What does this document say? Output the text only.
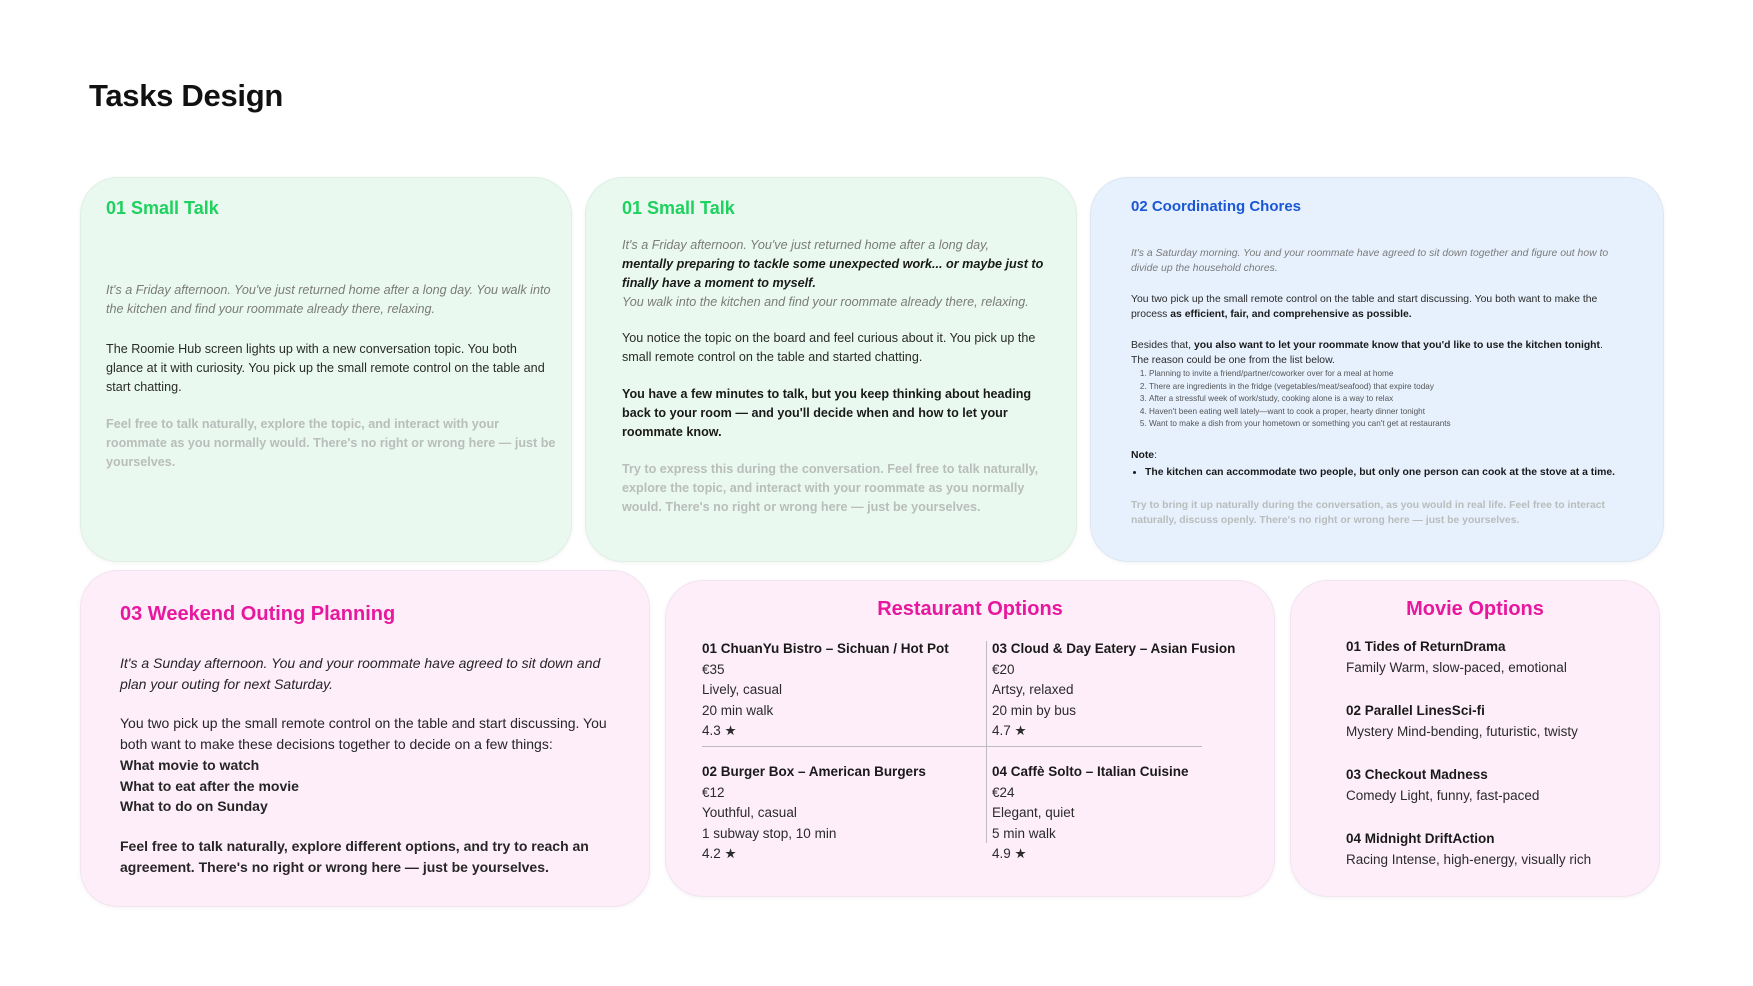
Tasks Design
01 Small Talk

It's a Friday afternoon. You've just returned home after a long day. You walk into the kitchen and find your roommate already there, relaxing.

The Roomie Hub screen lights up with a new conversation topic. You both glance at it with curiosity. You pick up the small remote control on the table and start chatting.

Feel free to talk naturally, explore the topic, and interact with your roommate as you normally would. There's no right or wrong here — just be yourselves.

01 Small Talk

It's a Friday afternoon. You've just returned home after a long day,

mentally preparing to tackle some unexpected work... or maybe just to finally have a moment to myself.

You walk into the kitchen and find your roommate already there, relaxing.

You notice the topic on the board and feel curious about it. You pick up the small remote control on the table and started chatting.

You have a few minutes to talk, but you keep thinking about heading back to your room — and you'll decide when and how to let your roommate know.

Try to express this during the conversation. Feel free to talk naturally, explore the topic, and interact with your roommate as you normally would. There's no right or wrong here — just be yourselves.

02 Coordinating Chores

It's a Saturday morning. You and your roommate have agreed to sit down together and figure out how to divide up the household chores.

You two pick up the small remote control on the table and start discussing. You both want to make the process as efficient, fair, and comprehensive as possible.

Besides that, you also want to let your roommate know that you'd like to use the kitchen tonight.

The reason could be one from the list below.

1. Planning to invite a friend/partner/coworker over for a meal at home
2. There are ingredients in the fridge (vegetables/meat/seafood) that expire today
3. After a stressful week of work/study, cooking alone is a way to relax
4. Haven't been eating well lately—want to cook a proper, hearty dinner tonight
5. Want to make a dish from your hometown or something you can't get at restaurants

Note:

• The kitchen can accommodate two people, but only one person can cook at the stove at a time.

Try to bring it up naturally during the conversation, as you would in real life. Feel free to interact naturally, discuss openly. There's no right or wrong here — just be yourselves.

03 Weekend Outing Planning

It's a Sunday afternoon. You and your roommate have agreed to sit down and plan your outing for next Saturday.

You two pick up the small remote control on the table and start discussing. You both want to make these decisions together to decide on a few things:

What movie to watch

What to eat after the movie

What to do on Sunday

Feel free to talk naturally, explore different options, and try to reach an agreement. There's no right or wrong here — just be yourselves.

Restaurant Options

01 ChuanYu Bistro – Sichuan / Hot Pot

€35

Lively, casual

20 min walk

4.3 ★

03 Cloud & Day Eatery – Asian Fusion

€20

Artsy, relaxed

20 min by bus

4.7 ★

02 Burger Box – American Burgers

€12

Youthful, casual

1 subway stop, 10 min

4.2 ★

04 Caffè Solto – Italian Cuisine

€24

Elegant, quiet

5 min walk

4.9 ★

Movie Options

01 Tides of ReturnDrama

Family Warm, slow-paced, emotional

02 Parallel LinesSci-fi

Mystery Mind-bending, futuristic, twisty

03 Checkout Madness

Comedy Light, funny, fast-paced

04 Midnight DriftAction

Racing Intense, high-energy, visually rich
